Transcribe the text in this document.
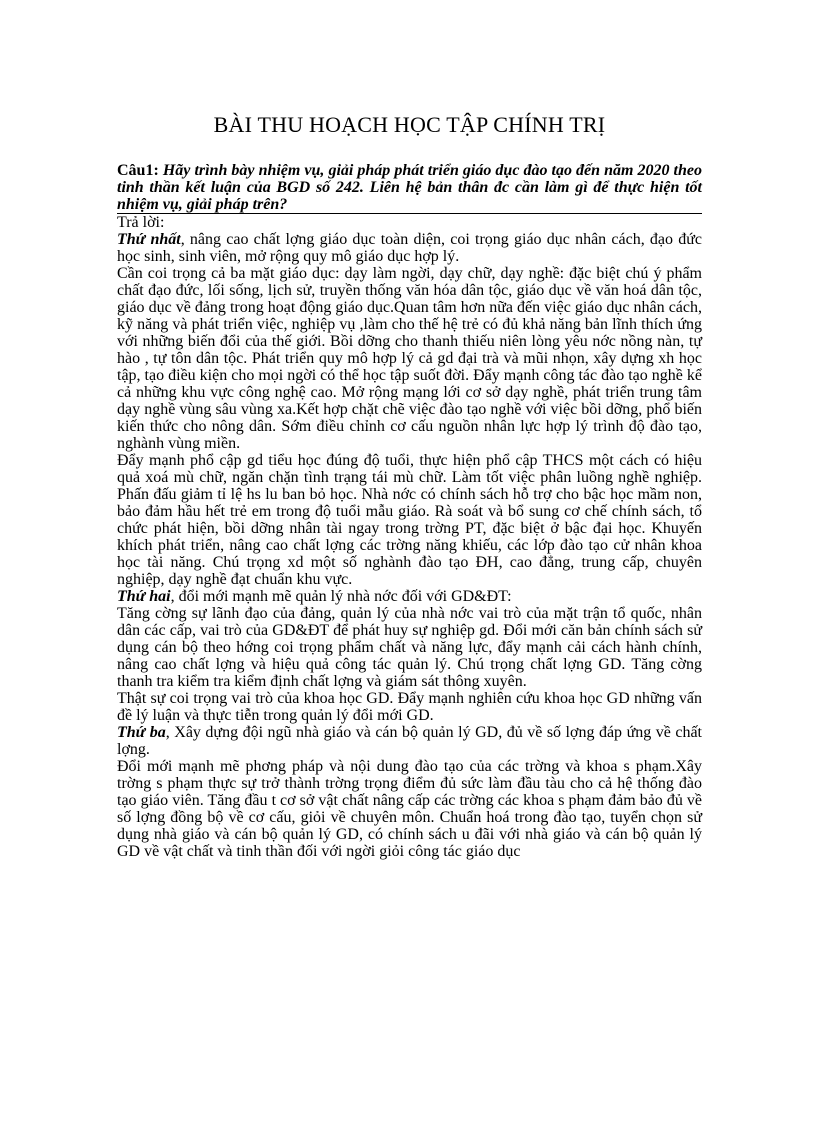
BÀI THU HOẠCH HỌC TẬP CHÍNH TRỊ
Câu1: Hãy trình bày nhiệm vụ, giải pháp phát triển giáo dục đào tạo đến năm 2020 theo tinh thần kết luận của BGD số 242. Liên hệ bản thân đc cần làm gì để thực hiện tốt nhiệm vụ, giải pháp trên?

Trả lời:

Thứ nhất, nâng cao chất lợng giáo dục toàn diện, coi trọng giáo dục nhân cách, đạo đức học sinh, sinh viên, mở rộng quy mô giáo dục hợp lý.

Cần coi trọng cả ba mặt giáo dục: dạy làm ngời, dạy chữ, dạy nghề: đặc biệt chú ý phẩm chất đạo đức, lối sống, lịch sử, truyền thống văn hóa dân tộc, giáo dục về văn hoá dân tộc, giáo dục về đảng trong hoạt động giáo dục.Quan tâm hơn nữa đến việc giáo dục nhân cách, kỹ năng và phát triển việc, nghiệp vụ ,làm cho thế hệ trẻ có đủ khả năng bản lĩnh thích ứng với những biến đổi của thế giới. Bồi dỡng cho thanh thiếu niên lòng yêu nớc nồng nàn, tự hào , tự tôn dân tộc. Phát triển quy mô hợp lý cả gd đại trà và mũi nhọn, xây dựng xh học tập, tạo điều kiện cho mọi ngời có thể học tập suốt đời. Đẩy mạnh công tác đào tạo nghề kể cả những khu vực công nghệ cao. Mở rộng mạng lới cơ sở dạy nghề, phát triển trung tâm dạy nghề vùng sâu vùng xa.Kết hợp chặt chẽ việc đào tạo nghề với việc bồi dỡng, phổ biến kiến thức cho nông dân. Sớm điều chỉnh cơ cấu nguồn nhân lực hợp lý trình độ đào tạo, nghành vùng miền.

Đẩy mạnh phổ cập gd tiểu học đúng độ tuổi, thực hiện phổ cập THCS một cách có hiệu quả xoá mù chữ, ngăn chặn tình trạng tái mù chữ. Làm tốt việc phân luồng nghề nghiệp. Phấn đấu giảm tỉ lệ hs lu ban bỏ học. Nhà nớc có chính sách hỗ trợ cho bậc học mầm non, bảo đảm hầu hết trẻ em trong độ tuổi mẫu giáo. Rà soát và bổ sung cơ chế chính sách, tổ chức phát hiện, bồi dỡng nhân tài ngay trong trờng PT, đặc biệt ở bậc đại học. Khuyến khích phát triển, nâng cao chất lợng các trờng năng khiếu, các lớp đào tạo cử nhân khoa học tài năng. Chú trọng xd một số nghành đào tạo ĐH, cao đẳng, trung cấp, chuyên nghiệp, dạy nghề đạt chuẩn khu vực.

Thứ hai, đổi mới mạnh mẽ quản lý nhà nớc đối với GD&ĐT:

Tăng cờng sự lãnh đạo của đảng, quản lý của nhà nớc vai trò của mặt trận tổ quốc, nhân dân các cấp, vai trò của GD&ĐT để phát huy sự nghiệp gd. Đổi mới căn bản chính sách sử dụng cán bộ theo hớng coi trọng phẩm chất và năng lực, đẩy mạnh cải cách hành chính, nâng cao chất lợng và hiệu quả công tác quản lý. Chú trọng chất lợng GD. Tăng cờng thanh tra kiểm tra kiểm định chất lợng và giám sát thông xuyên.

Thật sự coi trọng vai trò của khoa học GD. Đẩy mạnh nghiên cứu khoa học GD những vấn đề lý luận và thực tiễn trong quản lý đổi mới GD.

Thứ ba, Xây dựng đội ngũ nhà giáo và cán bộ quản lý GD, đủ về số lợng đáp ứng về chất lợng.

Đổi mới mạnh mẽ phơng pháp và nội dung đào tạo của các trờng và khoa s phạm.Xây trờng s phạm thực sự trở thành trờng trọng điểm đủ sức làm đầu tàu cho cả hệ thống đào tạo giáo viên. Tăng đầu t cơ sở vật chất nâng cấp các trờng các khoa s phạm đảm bảo đủ về số lợng đồng bộ về cơ cấu, giỏi về chuyên môn. Chuẩn hoá trong đào tạo, tuyển chọn sử dụng nhà giáo và cán bộ quản lý GD, có chính sách u đãi với nhà giáo và cán bộ quản lý GD về vật chất và tinh thần đối với ngời giỏi công tác giáo dục
